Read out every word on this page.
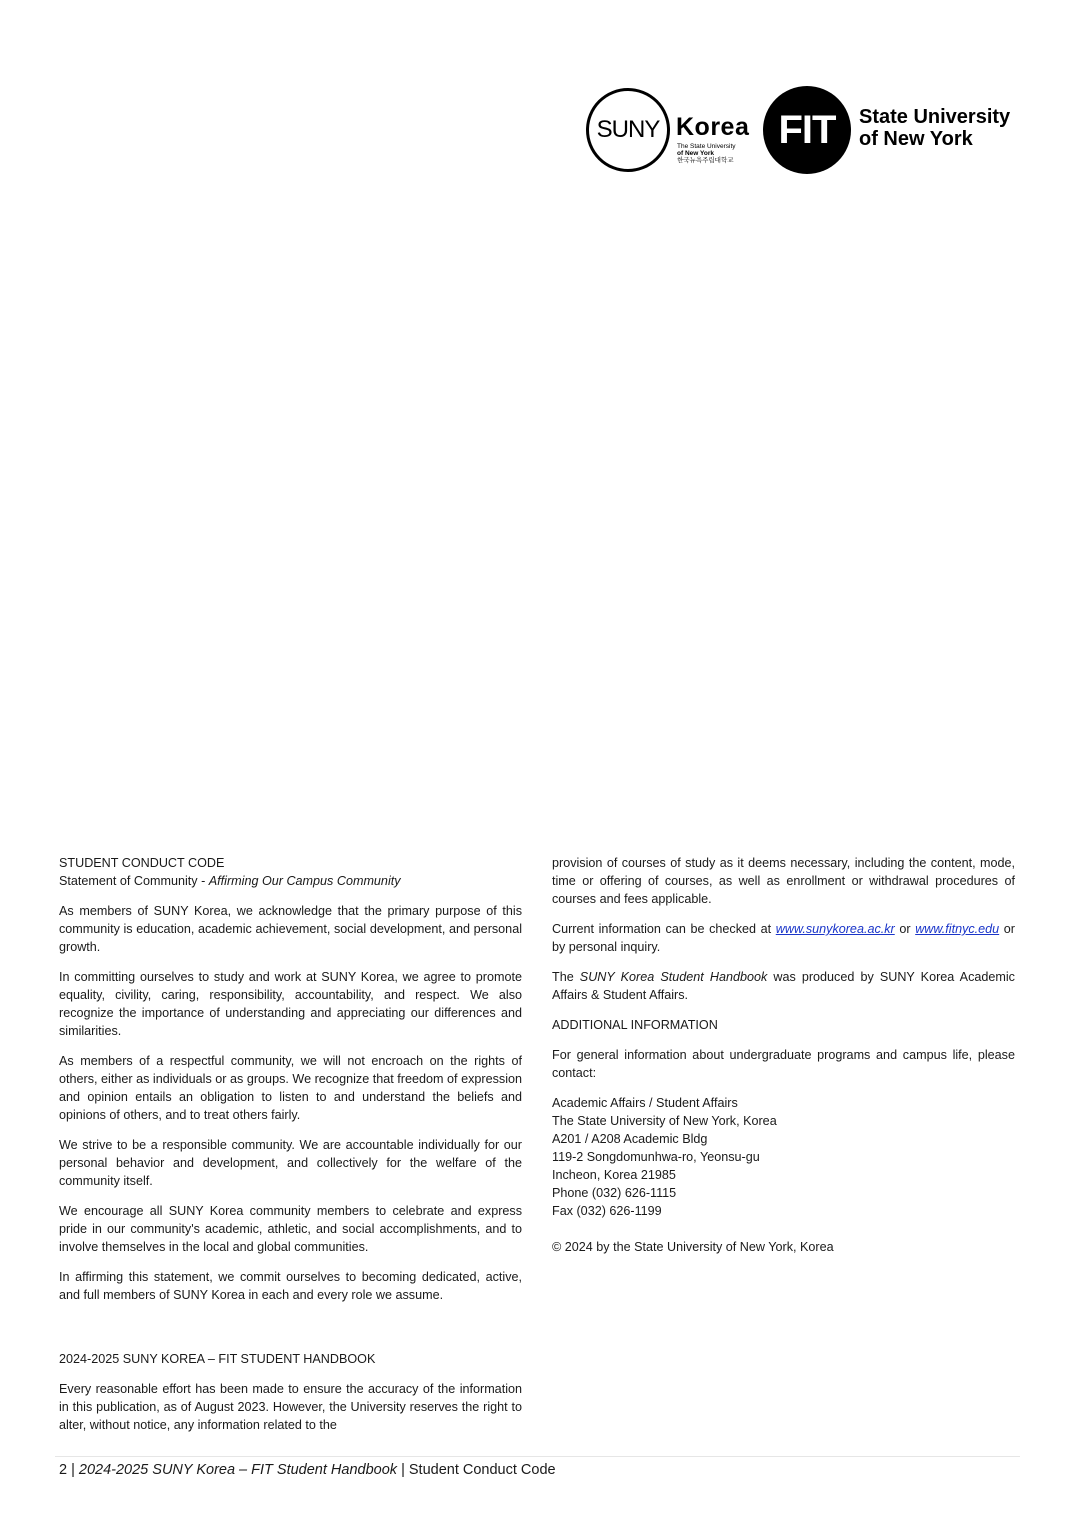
SUNY Korea
The State University
of New York
한국뉴욕주립대학교
FIT State University
of New York
STUDENT CONDUCT CODE
Statement of Community - Affirming Our Campus Community

As members of SUNY Korea, we acknowledge that the primary purpose of this community is education, academic achievement, social development, and personal growth.

In committing ourselves to study and work at SUNY Korea, we agree to promote equality, civility, caring, responsibility, accountability, and respect. We also recognize the importance of understanding and appreciating our differences and similarities.

As members of a respectful community, we will not encroach on the rights of others, either as individuals or as groups. We recognize that freedom of expression and opinion entails an obligation to listen to and understand the beliefs and opinions of others, and to treat others fairly.

We strive to be a responsible community. We are accountable individually for our personal behavior and development, and collectively for the welfare of the community itself.

We encourage all SUNY Korea community members to celebrate and express pride in our community's academic, athletic, and social accomplishments, and to involve themselves in the local and global communities.

In affirming this statement, we commit ourselves to becoming dedicated, active, and full members of SUNY Korea in each and every role we assume.

2024-2025 SUNY KOREA – FIT STUDENT HANDBOOK

Every reasonable effort has been made to ensure the accuracy of the information in this publication, as of August 2023. However, the University reserves the right to alter, without notice, any information related to the

provision of courses of study as it deems necessary, including the content, mode, time or offering of courses, as well as enrollment or withdrawal procedures of courses and fees applicable.

Current information can be checked at www.sunykorea.ac.kr or www.fitnyc.edu or by personal inquiry.

The SUNY Korea Student Handbook was produced by SUNY Korea Academic Affairs & Student Affairs.

ADDITIONAL INFORMATION

For general information about undergraduate programs and campus life, please contact:

Academic Affairs / Student Affairs
The State University of New York, Korea
A201 / A208 Academic Bldg
119-2 Songdomunhwa-ro, Yeonsu-gu
Incheon, Korea 21985
Phone (032) 626-1115
Fax (032) 626-1199

© 2024 by the State University of New York, Korea

2 | 2024-2025 SUNY Korea – FIT Student Handbook | Student Conduct Code
